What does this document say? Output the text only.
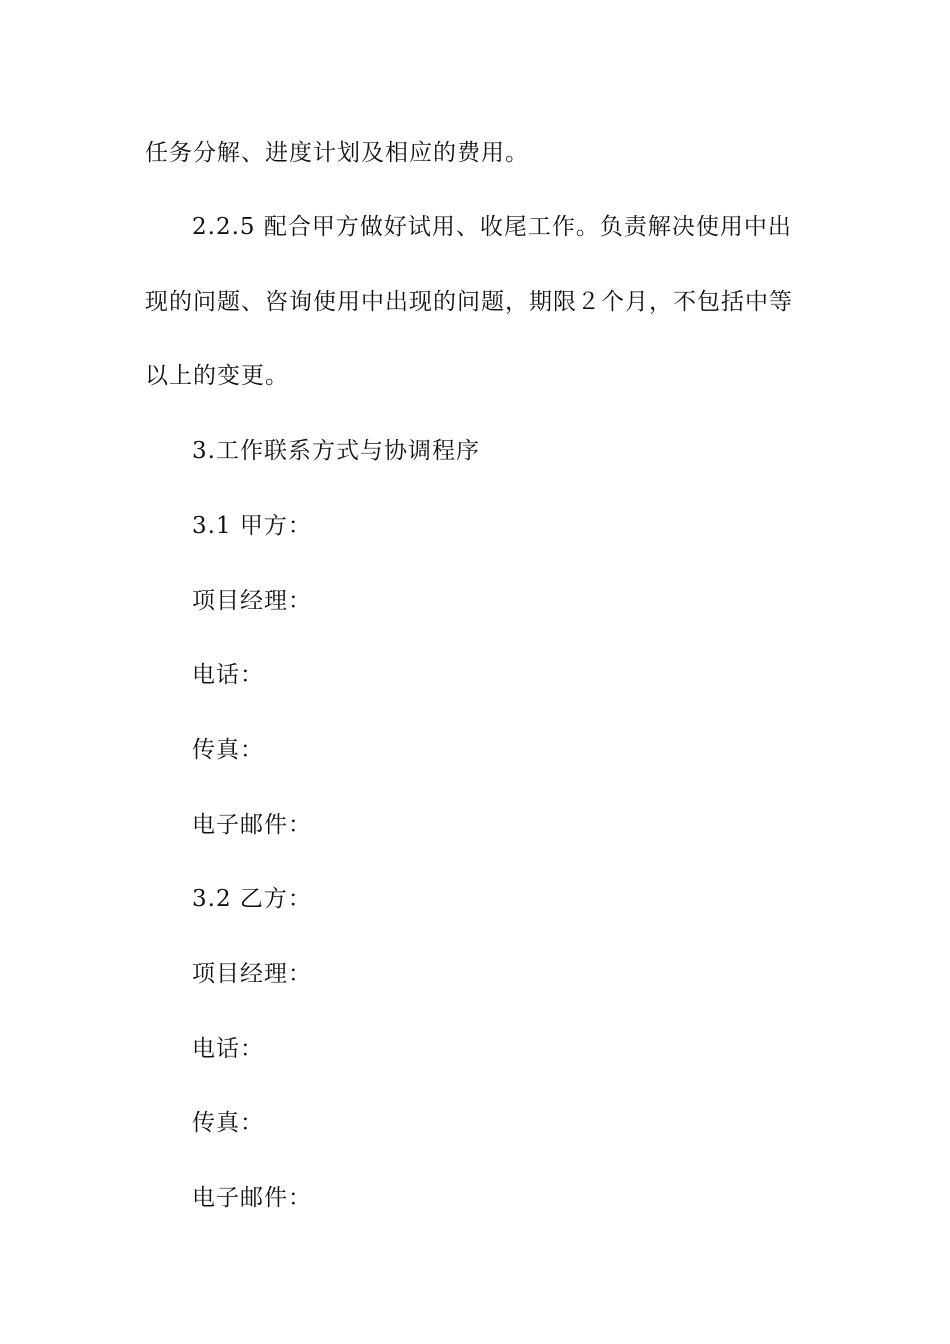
任务分解、进度计划及相应的费用。
2.2.5 配合甲方做好试用、收尾工作。负责解决使用中出
现的问题、咨询使用中出现的问题，期限２个月，不包括中等
以上的变更。
3.工作联系方式与协调程序
3.1 甲方：
项目经理：
电话：
传真：
电子邮件：
3.2 乙方：
项目经理：
电话：
传真：
电子邮件：
